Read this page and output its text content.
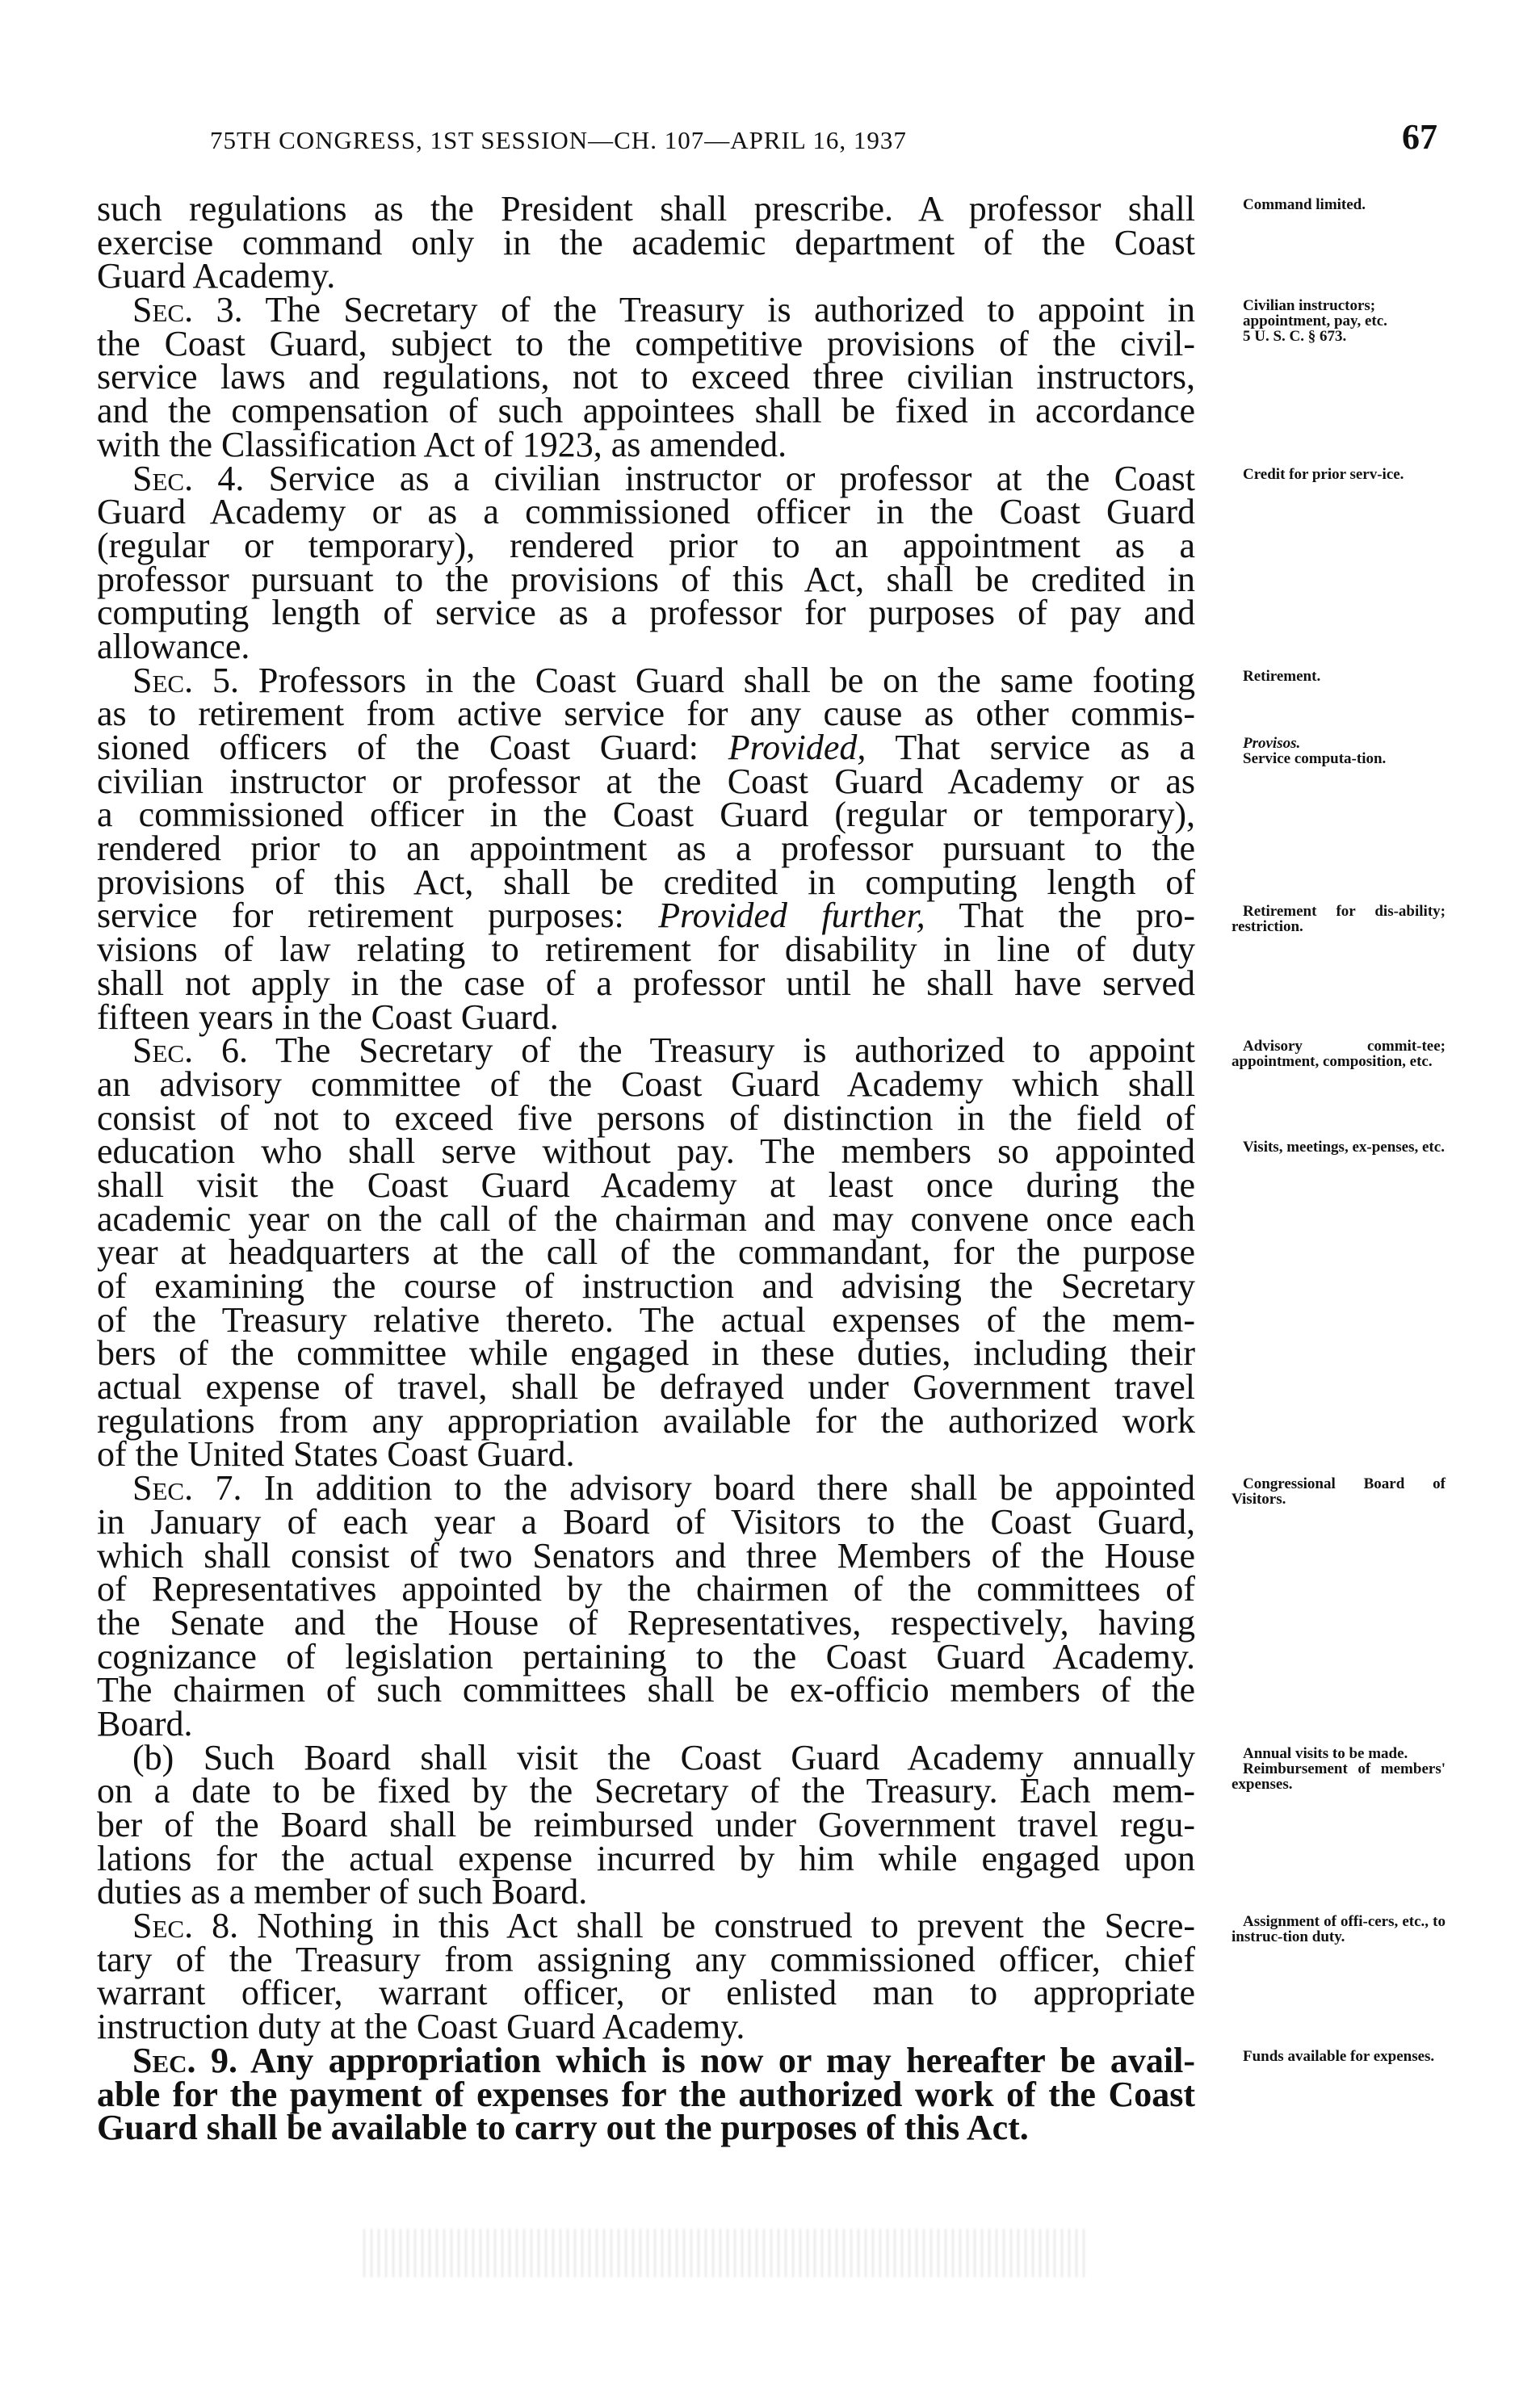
75TH CONGRESS, 1ST SESSION—CH. 107—APRIL 16, 1937	67
such regulations as the President shall prescribe. A professor shall	Command limited.
exercise command only in the academic department of the Coast
Guard Academy.
Sec. 3. The Secretary of the Treasury is authorized to appoint in	Civilian instructors;
appointment, pay, etc.
5 U. S. C. § 673.
the Coast Guard, subject to the competitive provisions of the civil-
service laws and regulations, not to exceed three civilian instructors,
and the compensation of such appointees shall be fixed in accordance
with the Classification Act of 1923, as amended.
Sec. 4. Service as a civilian instructor or professor at the Coast	Credit for prior serv-ice.
Guard Academy or as a commissioned officer in the Coast Guard
(regular or temporary), rendered prior to an appointment as a
professor pursuant to the provisions of this Act, shall be credited in
computing length of service as a professor for purposes of pay and
allowance.
Sec. 5. Professors in the Coast Guard shall be on the same footing	Retirement.
as to retirement from active service for any cause as other commis-
sioned officers of the Coast Guard: Provided, That service as a	Provisos.
Service computa-tion.
civilian instructor or professor at the Coast Guard Academy or as
a commissioned officer in the Coast Guard (regular or temporary),
rendered prior to an appointment as a professor pursuant to the
provisions of this Act, shall be credited in computing length of
service for retirement purposes: Provided further, That the pro-	Retirement for dis-ability; restriction.
visions of law relating to retirement for disability in line of duty
shall not apply in the case of a professor until he shall have served
fifteen years in the Coast Guard.
Sec. 6. The Secretary of the Treasury is authorized to appoint	Advisory commit-tee; appointment, composition, etc.
an advisory committee of the Coast Guard Academy which shall
consist of not to exceed five persons of distinction in the field of
education who shall serve without pay. The members so appointed	Visits, meetings, ex-penses, etc.
shall visit the Coast Guard Academy at least once during the
academic year on the call of the chairman and may convene once each
year at headquarters at the call of the commandant, for the purpose
of examining the course of instruction and advising the Secretary
of the Treasury relative thereto. The actual expenses of the mem-
bers of the committee while engaged in these duties, including their
actual expense of travel, shall be defrayed under Government travel
regulations from any appropriation available for the authorized work
of the United States Coast Guard.
Sec. 7. In addition to the advisory board there shall be appointed	Congressional Board of Visitors.
in January of each year a Board of Visitors to the Coast Guard,
which shall consist of two Senators and three Members of the House
of Representatives appointed by the chairmen of the committees of
the Senate and the House of Representatives, respectively, having
cognizance of legislation pertaining to the Coast Guard Academy.
The chairmen of such committees shall be ex-officio members of the
Board.
(b) Such Board shall visit the Coast Guard Academy annually	Annual visits to be made.
Reimbursement of members' expenses.
on a date to be fixed by the Secretary of the Treasury. Each mem-
ber of the Board shall be reimbursed under Government travel regu-
lations for the actual expense incurred by him while engaged upon
duties as a member of such Board.
Sec. 8. Nothing in this Act shall be construed to prevent the Secre-	Assignment of offi-cers, etc., to instruc-tion duty.
tary of the Treasury from assigning any commissioned officer, chief
warrant officer, warrant officer, or enlisted man to appropriate
instruction duty at the Coast Guard Academy.
Sec. 9. Any appropriation which is now or may hereafter be avail-	Funds available for expenses.
able for the payment of expenses for the authorized work of the Coast
Guard shall be available to carry out the purposes of this Act.
